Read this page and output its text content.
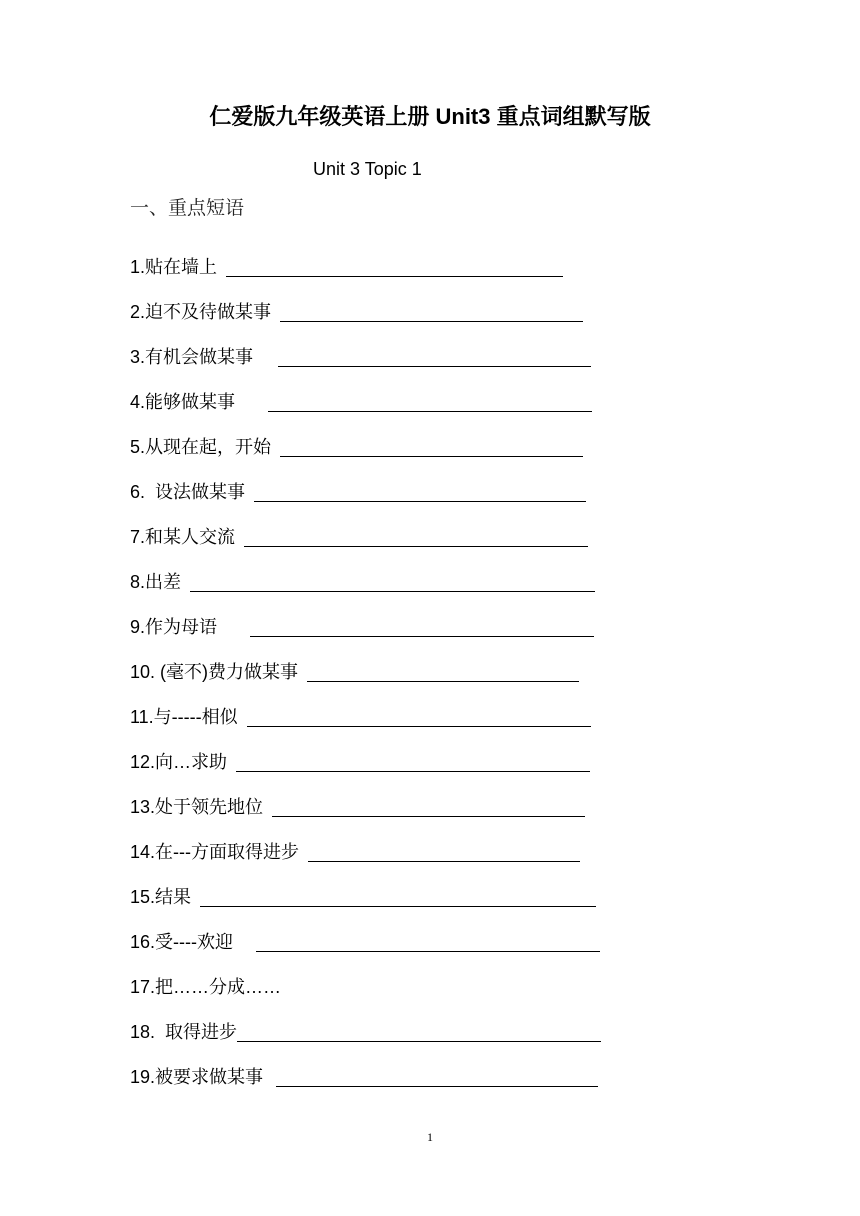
仁爱版九年级英语上册 Unit3 重点词组默写版
Unit 3 Topic 1
一、重点短语
1.贴在墙上
2.迫不及待做某事
3.有机会做某事
4.能够做某事
5.从现在起，开始
6.  设法做某事
7.和某人交流
8.出差
9.作为母语
10. (毫不)费力做某事
11.与-----相似
12.向…求助
13.处于领先地位
14.在---方面取得进步
15.结果
16.受----欢迎
17.把……分成……
18.  取得进步
19.被要求做某事
1
